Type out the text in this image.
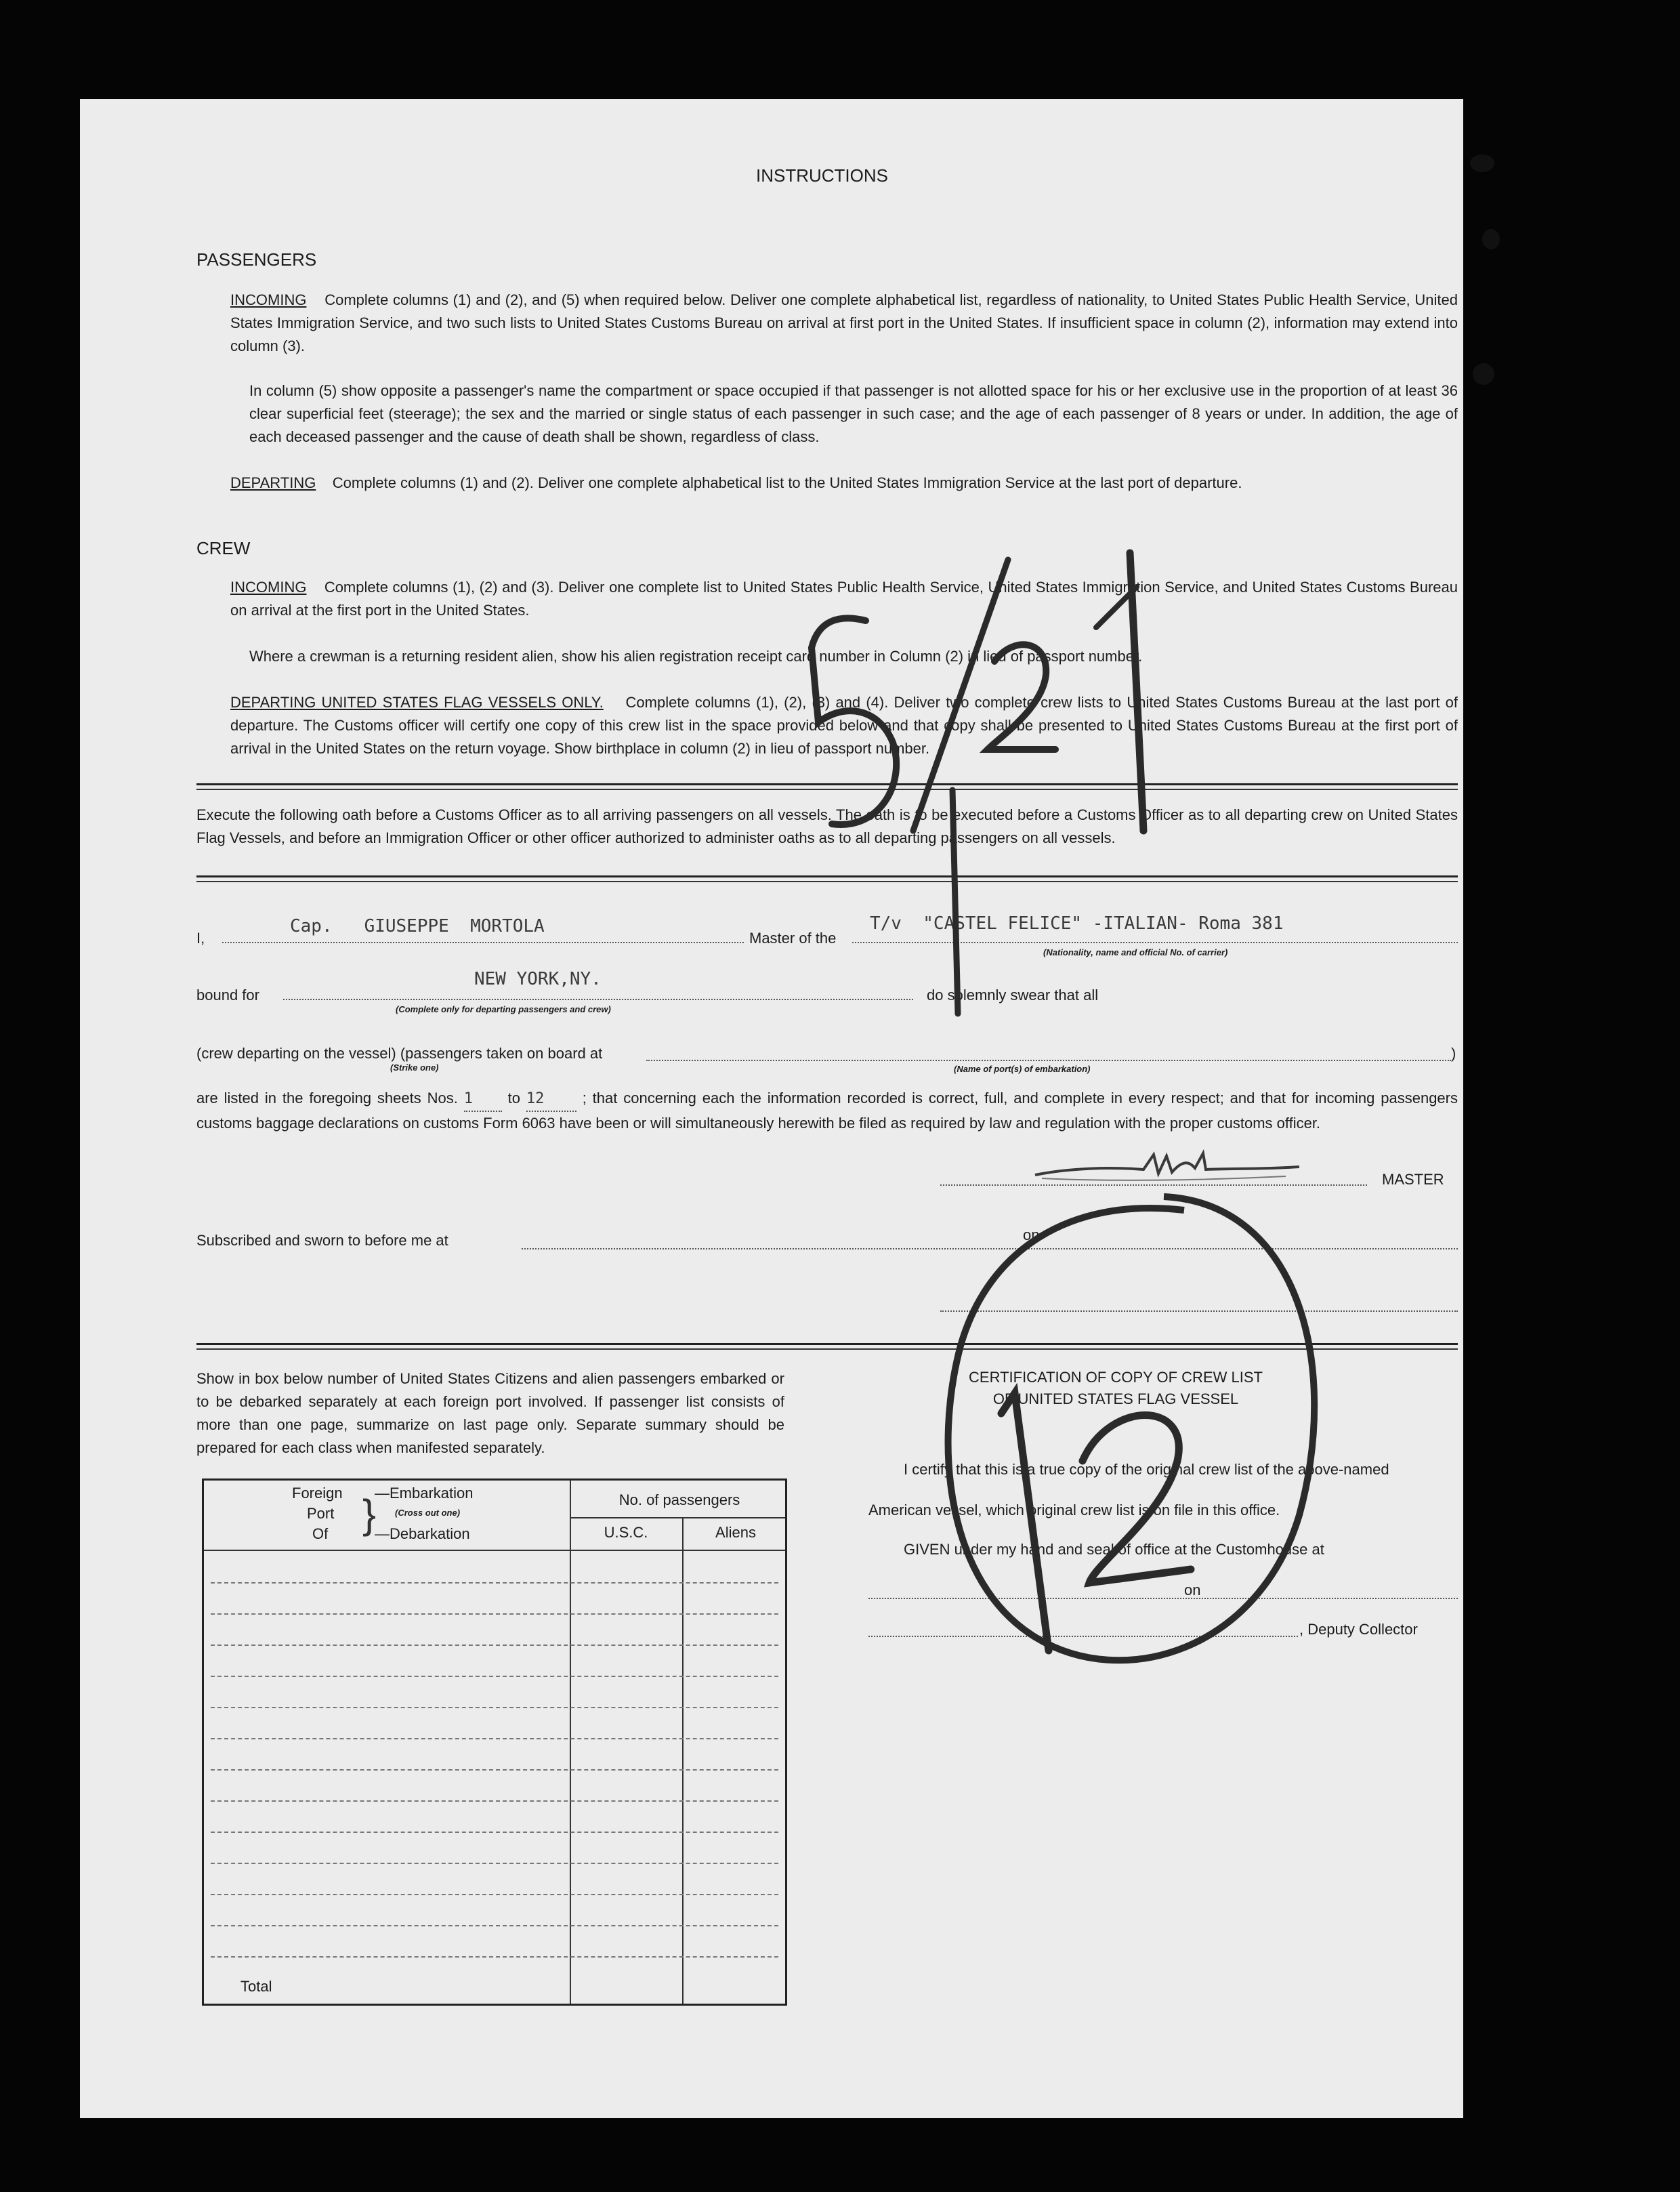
INSTRUCTIONS
PASSENGERS
INCOMING Complete columns (1) and (2), and (5) when required below. Deliver one complete alphabetical list, regardless of nationality, to United States Public Health Service, United States Immigration Service, and two such lists to United States Customs Bureau on arrival at first port in the United States. If insufficient space in column (2), information may extend into column (3).
In column (5) show opposite a passenger's name the compartment or space occupied if that passenger is not allotted space for his or her exclusive use in the proportion of at least 36 clear superficial feet (steerage); the sex and the married or single status of each passenger in such case; and the age of each passenger of 8 years or under. In addition, the age of each deceased passenger and the cause of death shall be shown, regardless of class.
DEPARTING Complete columns (1) and (2). Deliver one complete alphabetical list to the United States Immigration Service at the last port of departure.
CREW
INCOMING Complete columns (1), (2) and (3). Deliver one complete list to United States Public Health Service, United States Immigration Service, and United States Customs Bureau on arrival at the first port in the United States.
Where a crewman is a returning resident alien, show his alien registration receipt card number in Column (2) in lieu of passport number.
DEPARTING UNITED STATES FLAG VESSELS ONLY. Complete columns (1), (2), (3) and (4). Deliver two complete crew lists to United States Customs Bureau at the last port of departure. The Customs officer will certify one copy of this crew list in the space provided below and that copy shall be presented to United States Customs Bureau at the first port of arrival in the United States on the return voyage. Show birthplace in column (2) in lieu of passport number.
Execute the following oath before a Customs Officer as to all arriving passengers on all vessels. The oath is to be executed before a Customs Officer as to all departing crew on United States Flag Vessels, and before an Immigration Officer or other officer authorized to administer oaths as to all departing passengers on all vessels.
I,
Cap.   GIUSEPPE  MORTOLA
Master of the
T/v  "CASTEL FELICE" -ITALIAN- Roma 381
(Nationality, name and official No. of carrier)
bound for
NEW YORK,NY.
(Complete only for departing passengers and crew)
do solemnly swear that all
(crew departing on the vessel) (passengers taken on board at	)
(Strike one)	(Name of port(s) of embarkation)
are listed in the foregoing sheets Nos. 1 to 12	; that concerning each the information recorded is correct, full, and complete in every respect; and that for incoming passengers customs baggage declarations on customs Form 6063 have been or will simultaneously herewith be filed as required by law and regulation with the proper customs officer.
MASTER
Subscribed and sworn to before me at	on
Show in box below number of United States Citizens and alien passengers embarked or to be debarked separately at each foreign port involved. If passenger list consists of more than one page, summarize on last page only. Separate summary should be prepared for each class when manifested separately.
Foreign
Port
Of }
—Embarkation
(Cross out one)
—Debarkation
No. of passengers
U.S.C.	Aliens
Total
CERTIFICATION OF COPY OF CREW LIST
OF UNITED STATES FLAG VESSEL
I certify that this is a true copy of the original crew list of the above-named
American vessel, which original crew list is on file in this office.
GIVEN under my hand and seal of office at the Customhouse at
on
, Deputy Collector
